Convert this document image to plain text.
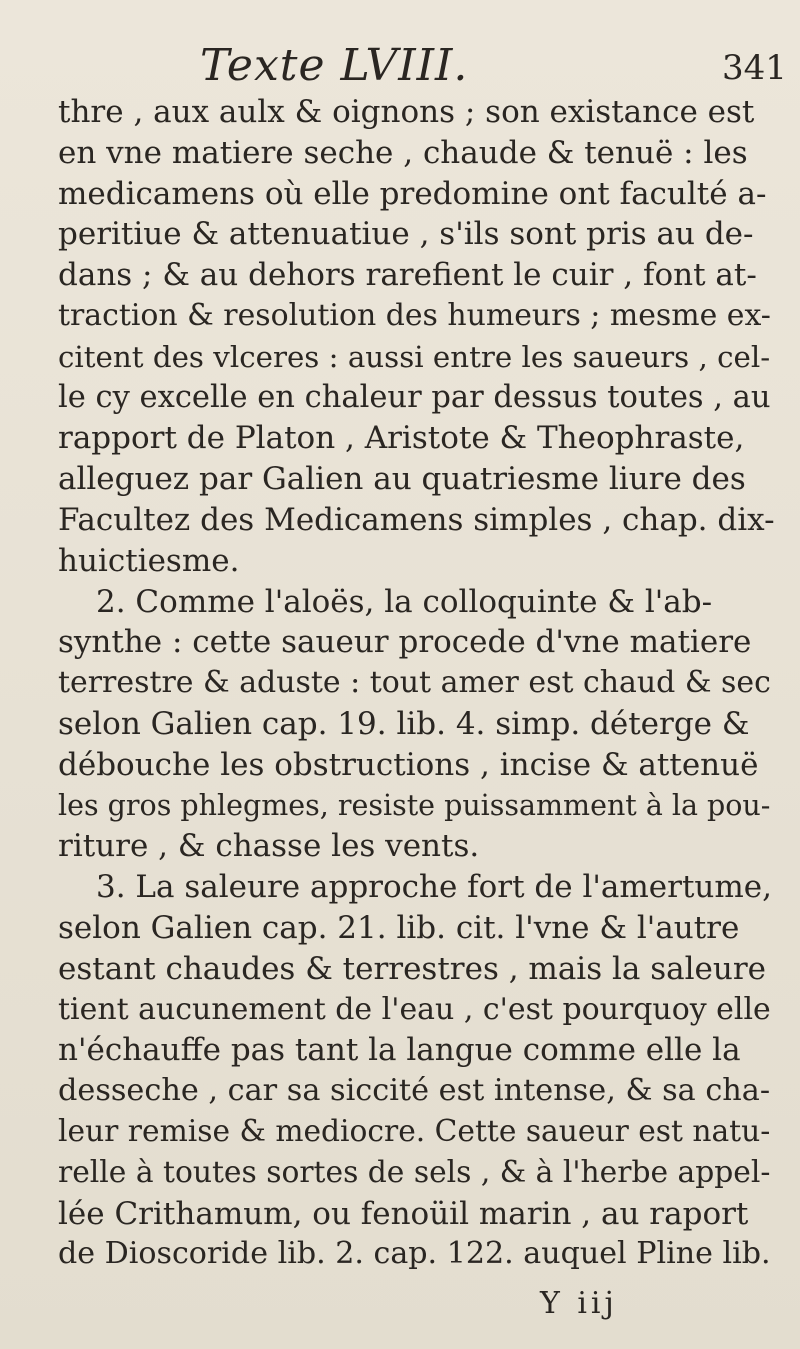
Texte LVIII.	341
thre , aux aulx & oignons ; son existance est
en vne matiere seche , chaude & tenuë : les
medicamens où elle predomine ont faculté a-
peritiue & attenuatiue , s'ils sont pris au de-
dans ; & au dehors rarefient le cuir , font at-
traction & resolution des humeurs ; mesme ex-
citent des vlceres : aussi entre les saueurs , cel-
le cy excelle en chaleur par dessus toutes , au
rapport de Platon , Aristote & Theophraste,
alleguez par Galien au quatriesme liure des
Facultez des Medicamens simples , chap. dix-
huictiesme.
2. Comme l'aloës, la colloquinte & l'ab-
synthe : cette saueur procede d'vne matiere
terrestre & aduste : tout amer est chaud & sec
selon Galien cap. 19. lib. 4. simp. déterge &
débouche les obstructions , incise & attenuë
les gros phlegmes, resiste puissamment à la pou-
riture , & chasse les vents.
3. La saleure approche fort de l'amertume,
selon Galien cap. 21. lib. cit. l'vne & l'autre
estant chaudes & terrestres , mais la saleure
tient aucunement de l'eau , c'est pourquoy elle
n'échauffe pas tant la langue comme elle la
desseche , car sa siccité est intense, & sa cha-
leur remise & mediocre. Cette saueur est natu-
relle à toutes sortes de sels , & à l'herbe appel-
lée Crithamum, ou fenoüil marin , au raport
de Dioscoride lib. 2. cap. 122. auquel Pline lib.
Y iij
